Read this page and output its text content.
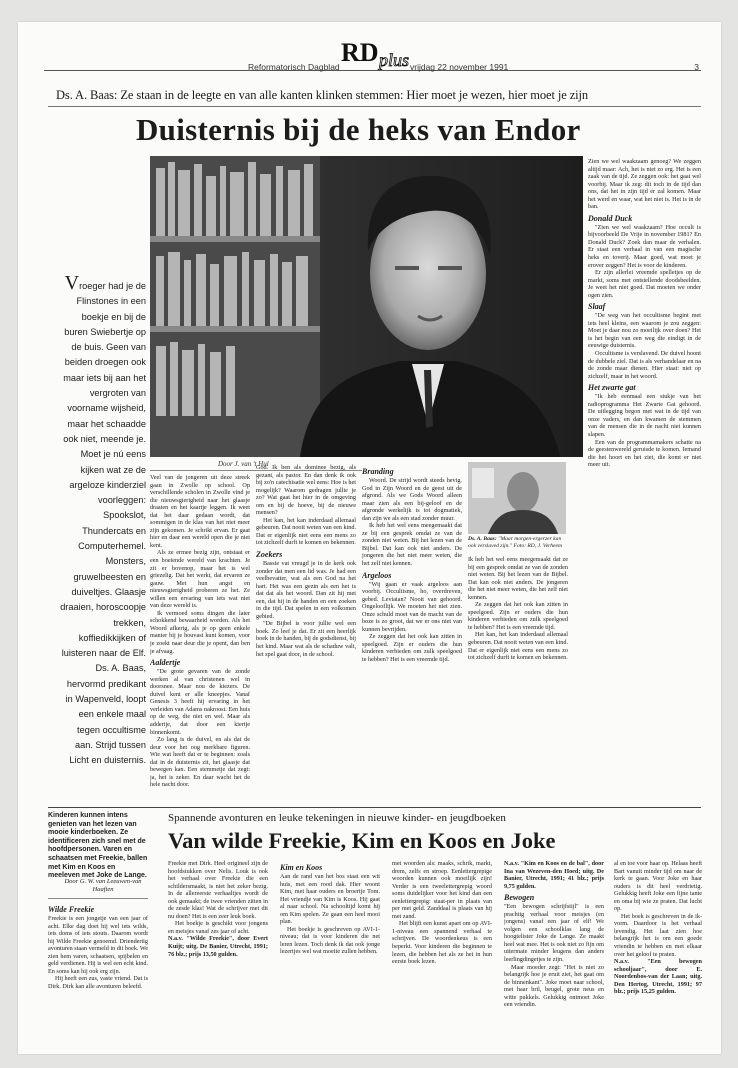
RD plus
Reformatorisch Dagblad	vrijdag 22 november 1991	3
Ds. A. Baas: Ze staan in de leegte en van alle kanten klinken stemmen: Hier moet je wezen, hier moet je zijn
Duisternis bij de heks van Endor
Door J. van 't Hul
Vroeger had je de Flinstones in een boekje en bij de buren Swiebertje op de buis. Geen van beiden droegen ook maar iets bij aan het vergroten van voorname wijsheid, maar het schaadde ook niet, meende je. Moet je nú eens kijken wat ze de argeloze kinderziel voorleggen: Spookslot, Thundercats en Computerhemel. Monsters, gruwelbeesten en duiveltjes. Glaasje draaien, horoscoopje trekken, koffiedikkijken of luisteren naar de Elf. Ds. A. Baas, hervormd predikant in Wapenveld, loopt een enkele maal tegen occultisme aan. Strijd tussen Licht en duisternis.

Veel van de jongeren uit deze streek gaan in Zwolle op school. Op verschillende scholen in Zwolle vind je die nieuwsgierigheid naar het glaasje draaien en het kaartje leggen. Ik weet dat het daar gedaan wordt, dat sommigen in de klas van het niet meer zijn gekomen. Je schrikt ervan. Er gaat hier en daar een wereld open die je niet kent.

Als ze ermee bezig zijn, ontstaat er een boeiende wereld van krachten. Je zit er bovenop, maar het is wel griezelig. Dat het werkt, dat ervaren ze gauw. Met hun angst en nieuwsgierigheid proberen ze het. Ze willen een ervaring van iets wat niet van deze wereld is.

Ik vermoed soms dingen die later schokkend bewaarheid worden. Als het Woord afkerig, als je op geen enkele manier bij je houvast kunt komen, voor je zoekt naar deur die je opent, dan ben je afvaag.

Aaldertje

"De grote gevaren van de zonde werken al van christenen wel in doorsnee. Maar nou de kiezers. De duivel kent er alle kneepjes. Vanaf Genesis 3 heeft hij ervaring in het verleiden van Adams nakroost. Een huis op de weg, die niet en wel. Maar als adderije, dat door een kiertje binnenkomt.

Zo lang is de duivel, en als dat de deur voor het oog merkbare figuren. Wie wat heeft dat er te beginnen: zoals dat in de duisternis zit, het glaasje dat bewegen kan. Een stemmetje dat zegt: ja, het is zeker. En daar wacht het de hele nacht door.

God. Ik ben als dominee bezig, als gezant, als pastor. En dan denk ik ook bij zo'n catechisatie wel eens: Hoe is het mogelijk? Waarom gedragen jullie je zo? Wat gaat het hier in de omgeving om en bij de hoeve, bij de nieuwe mensen?

Het kan, het kan inderdaad allemaal gebeuren. Dat nooit weten van een kind. Dat er eigenlijk niet eens een mens zo tot zichzelf durft te komen en bekennen.

Zoekers

Bassie vat vreugd je in de kerk ook zonder dat men een lid was. Je had een veelbevatter, wat als een God na het hart. Het was een gezin als een het is dat dat als het woord. Dan zit hij met een, dat hij in de handen en een zoeken in die tijd. Dat spelen in een volkomen gebied.

"De Bijbel is voor jullie wel een boek. Zo leef je dat. Er zit een heerlijk boek in de handen, bij de godsdienst, bij het kind. Maar wat als de schaduw valt, het spel gaat door, in de school.

Branding

Woord. De strijd wordt steeds hevig. God in Zijn Woord en de geest uit de afgrond. Als we Gods Woord alleen maar zien als een bij-geloof en de afgronde werkelijk is tot dogmatiek, dan zijn we als een stad zonder muur.

Ik heb het wel eens meegemaakt dat ze bij een gesprek omdat ze van de zonden niet weten. Bij het lezen van de Bijbel. Dat kan ook niet anders. De jongeren die het niet meer weten, die het zelf niet kennen.

Argeloos

"Wij gaan er vaak argeloos aan voorbij. Occultisme, ho, overdreven, gebed. Leviatan? Nooit van gehoord. Ongelooflijk. We moeten het niet zien. Onze schuld moet van de macht van de boze is zo groot, dat we er ons niet van kunnen bevrijden.

Ze zeggen dat het ook kan zitten in speelgoed. Zijn er ouders die hun kinderen verbieden om zulk speelgoed te hebben? Het is een vreemde tijd.

Ds. A. Baas: "Maar morgen-ergerzer kan ook verslaved zijn." Foto: RD, J. Verheem

Ik heb het wel eens meegemaakt dat ze bij een gesprek omdat ze van de zonden niet weten. Bij het lezen van de Bijbel. Dat kan ook niet anders. De jongeren die het niet meer weten, die het zelf niet kennen.

Ze zeggen dat het ook kan zitten in speelgoed. Zijn er ouders die hun kinderen verbieden om zulk speelgoed te hebben? Het is een vreemde tijd.

Het kan, het kan inderdaad allemaal gebeuren. Dat nooit weten van een kind. Dat er eigenlijk niet eens een mens zo tot zichzelf durft te komen en bekennen.

Zien we wel waakzaam genoeg? We zeggen altijd maar: Ach, het is niet zo erg. Het is een zaak van de tijd. Ze zeggen ook: het gaat wel voorbij. Maar ik zeg: dit toch in de tijd dan ons, dat het in zijn tijd er zal komen. Maar het werd en waar, wat het niet is. Het is in de ban.

Donald Duck

"Zien we wel waakzaam? Hoe occult is bijvoorbeeld De Vrije in november 1981? En Donald Duck? Zoek dan maar de verhalen. Er staat een verhaal in van een magische heks en toverij. Maar goed, wat moet je erover zeggen? Het is voor de kinderen.

Er zijn allerlei vreemde spelletjes op de markt, soms met ontstellende doodsbeelden. Je weet het niet goed. Dat moeten we onder ogen zien.

Slaaf

"De weg van het occultisme begint met iets heel kleins, een waarom je zou zeggen: Moet je daar nou zo moeilijk over doen? Het is het begin van een weg die eindigt in de eeuwige duisternis.

Occultisme is verslavend. De duivel hoont de dubbele ziel. Dat is als verhandelaar en na de zonde maar dienen. Hier staat: niet op zichzelf, maar in het woord.

Het zwarte gat

"Ik heb eenmaal een stukje van het radioprogramma Het Zwarte Gat gehoord. De uitlegging begon met wat in de tijd van onze vaders, en dan kwamen de stemmen van de mensen die in de nacht niet kunnen slapen.

Een van de programmamakers schatte na de geestenwereld geruisde te komen. Iemand die het hoort en het ziet, die komt er niet meer uit.

Kinderen kunnen intens genieten van het lezen van mooie kinderboeken. Ze identificeren zich snel met de hoofdpersonen. Varen en schaatsen met Freekie, ballen met Kim en Koos en meeleven met Joke de Lange.
Spannende avonturen en leuke tekeningen in nieuwe kinder- en jeugdboeken
Van wilde Freekie, Kim en Koos en Joke
Door G. W. van Leeuwen-van Haaften
Wilde Freekie

Freekie is een jongetje van een jaar of acht. Elke dag doet hij wel iets wilds, iets doms of iets stouts. Daarom wordt hij Wilde Freekie genoemd. Driendertig avonturen staan vermeld in dit boek. We zien hem varen, schaatsen, spijbelen en geld verdienen. Hij is wel een echt kind. En soms kan hij ook erg zijn.

Hij heeft een zus, vaste vriend. Dat is Dirk. Dirk kan alle avonturen beleefd.

Freekie met Dirk. Heel origineel zijn de hoofdstukken over Nelis. Louk is ook het verhaal over Freekie die een schildersmaakt, is niet het zeker bezig. In de allereerste verhaaltjes wordt de ook gemaakt; de twee vrienden zitten in de zesde klas! Wat de schrijver met dit nu doen? Het is een zeer leuk boek.

Het boekje is geschikt voor jongens en meisjes vanaf zes jaar of acht.

N.a.v. "Wilde Freekie", door Evert Kuijt; uitg. De Banier, Utrecht, 1991; 76 blz.; prijs 13,50 gulden.

Kim en Koos

Aan de rand van het bos staat een wit huis, met een rood dak. Hier woont Kim, met haar ouders en broertje Tom. Het vriendje van Kim is Koos. Hij gaat al naar school. Na schooltijd komt hij om Kim spelen. Ze gaan een heel mooi plan.

Het boekje is geschreven op AVI-1-niveau; dat is voor kinderen die net leren lezen. Toch denk ik dat ook jonge lezertjes wel wat moeite zullen hebben.

met woorden als: maaks, schrik, markt, drem, zelfs en stroep. Eenlettergrepige woorden kunnen ook moeilijk zijn! Verder is een tweelettergrepig woord soms duidelijker voor het kind dan een eenlettergrepig: staat-per in plaats van per met geld. Zanddaal is plaats van hij met zand.

Het blijft een kunst apart om op AVI-1-niveau een spannend verhaal te schrijven. De woordenkeus is een beperkt. Voor kinderen die beginnen te lezen, die hebben het als ze het in hun eerste boek lezen.

N.a.v. "Kim en Koos en de bal", door Ina van Wezeven-den Hoed; uitg. De Banier, Utrecht, 1991; 41 blz.; prijs 9,75 gulden.

Bewogen

"Een bewogen schrijfstijl" is een prachtig verhaal voor meisjes (en jongens) vanaf een jaar of elf! We volgen een schoolklas lang de hoogtelister Joke de Lange. Ze maakt heel wat mee. Het is ook niet zo fijn om uitermate minder leugens dan anders leerlingdingetjes te zijn.

Maar moeder zegt: "Het is niet zo belangrijk hoe je eruit ziet, het gaat om de binnenkant". Joke moet naar school, met haar bril, beugel, grote neus en witte pukkels. Gelukkig ontmoet Joke een vriendin.

al en toe voor haar op. Helaas heeft Bart vanuit minder tijd om naar de kerk te gaan. Voor Joke en haar ouders is dit heel verdrietig. Gelukkig heeft Joke een fijne tante en oma bij wie ze praten. Dat lucht op.

Het boek is geschreven in de ik-vorm. Daardoor is het verhaal levendig. Het laat zien hoe belangrijk het is om een goede vriendin te hebben en met elkaar over het geloof te praten.

N.a.v. "Een bewogen schooljaar", door E. Noordenbos-van der Laan; uitg. Den Hertog, Utrecht, 1991; 97 blz.; prijs 15,25 gulden.
